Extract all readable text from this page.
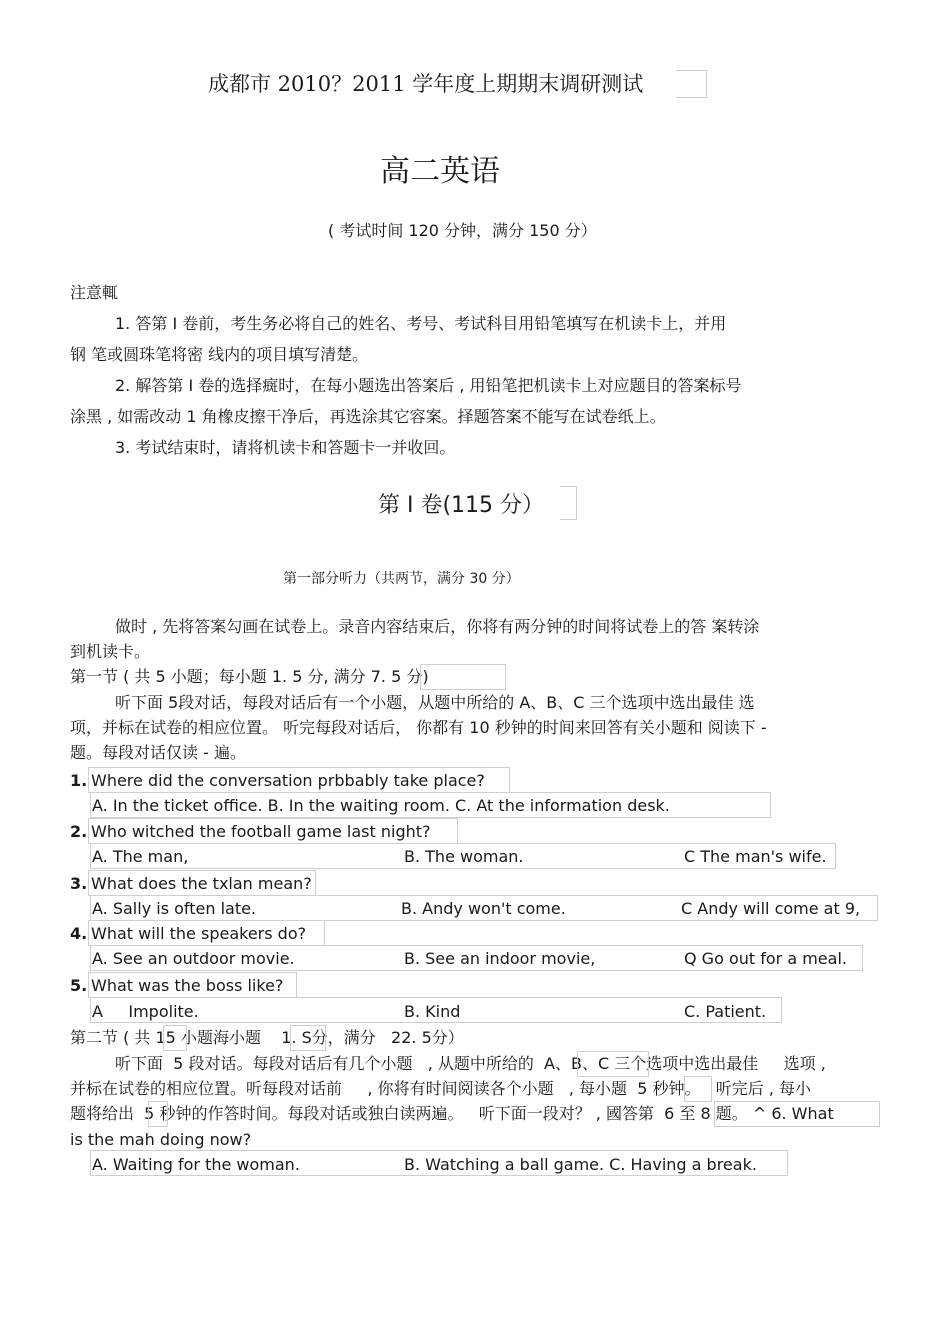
成都市 2010？2011 学年度上期期末调研测试
高二英语
( 考试时间 120 分钟，满分 150 分）
注意輒
1. 答第 Ⅰ 卷前，考生务必将自己的姓名、考号、考试科目用铅笔填写在机读卡上，并用
钢 笔或圆珠笔将密 线内的项目填写清楚。
2. 解答第 Ⅰ 卷的选择癍时，在每小题选出答案后 , 用铅笔把机读卡上对应题目的答案标号
涂黑 , 如需改动 1 角橡皮擦干净后，再选涂其它容案。择题答案不能写在试卷纸上。
3. 考试结束时，请将机读卡和答题卡一并收回。
第 Ⅰ 卷(115 分）
第一部分听力（共两节，满分 30 分）
做时 , 先将答案勾画在试卷上。录音内容结束后，你将有两分钟的时间将试卷上的答 案转涂
到机读卡。
第一节 ( 共 5 小题；每小题 1. 5 分, 满分 7. 5 分)
听下面 5段对话，每段对话后有一个小题，从题中所给的 A、B、C 三个选项中选出最佳 选
项，并标在试卷的相应位置。 听完每段对话后， 你都有 10 秒钟的时间来回答有关小题和 阅读下 -
题。每段对话仅读 - 遍。
1. Where did the conversation prbbably take place?
A. In the ticket office. B. In the waiting room. C. At the information desk.
2. Who witched the football game last night?
A. The man,	B. The woman.	C The man's wife.
3. What does the txlan mean?
A. Sally is often late.	B. Andy won't come.	C Andy will come at 9,
4. What will the speakers do?
A. See an outdoor movie.	B. See an indoor movie,	Q Go out for a meal.
5. What was the boss like?
A     Impolite.	B. Kind	C. Patient.
第二节 ( 共 15 小题海小题    1. S分，满分   22. 5分）
听下面  5 段对话。每段对话后有几个小题   , 从题中所给的  A、B、C 三个选项中选出最佳     选项 ,
并标在试卷的相应位置。听每段对话前     , 你将有时间阅读各个小题   , 每小题  5 秒钟。   听完后 , 每小
题将给出  5 秒钟的作答时间。每段对话或独白读两遍。   听下面一段对？ , 國答第  6 至 8 题。 ^ 6. What
is the mah doing now?
A. Waiting for the woman.	B. Watching a ball game. C. Having a break.
